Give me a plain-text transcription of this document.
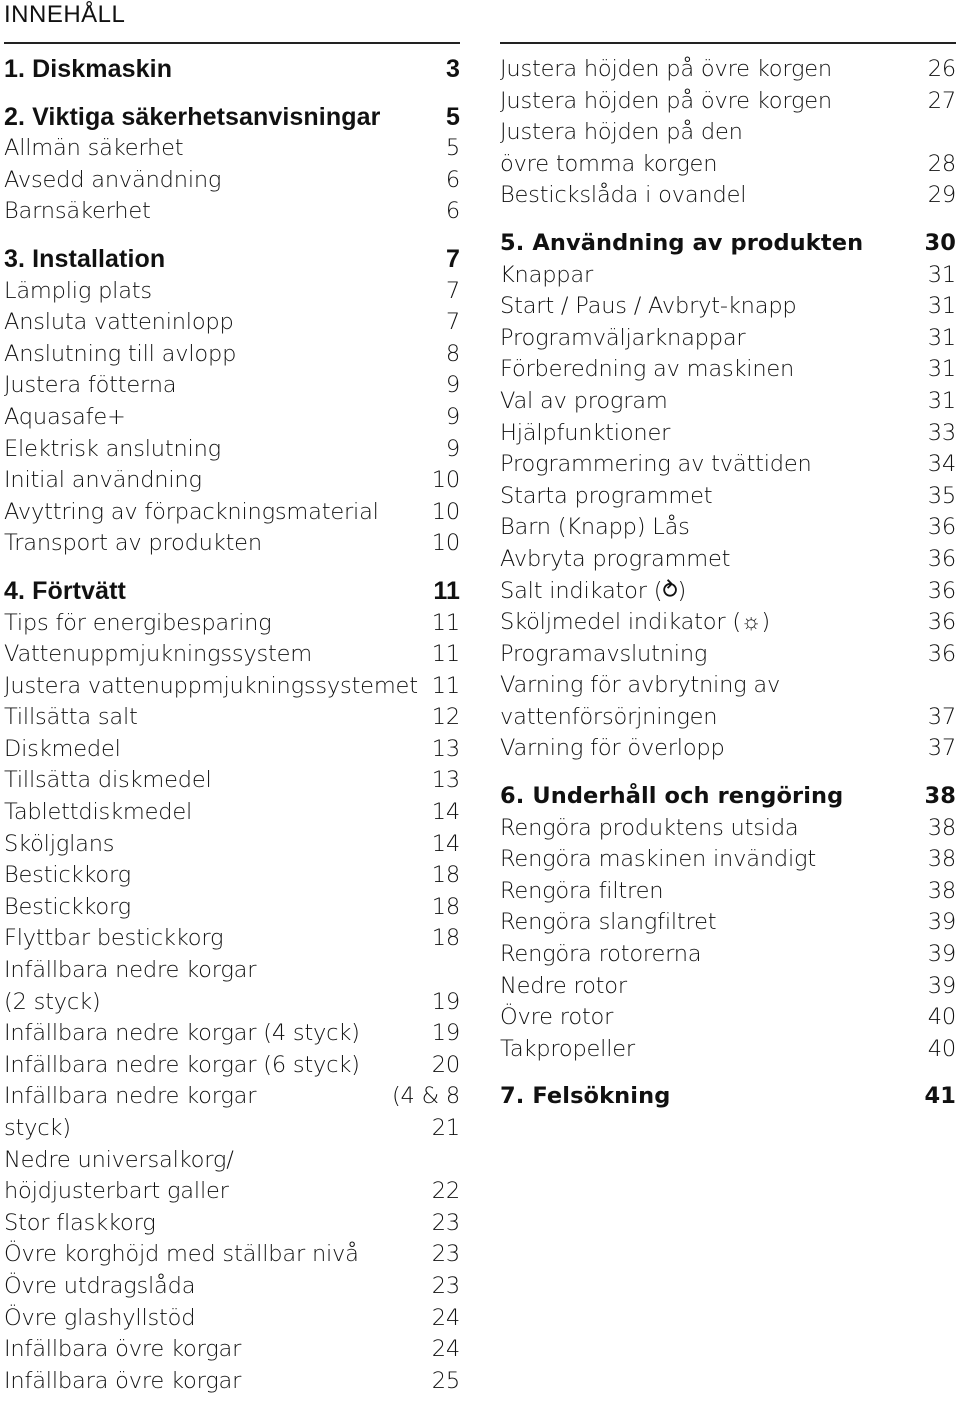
INNEHÅLL
1. Diskmaskin	3
2. Viktiga säkerhetsanvisningar	5
Allmän säkerhet	5
Avsedd användning	6
Barnsäkerhet	6
3. Installation	7
Lämplig plats	7
Ansluta vatteninlopp	7
Anslutning till avlopp	8
Justera fötterna	9
Aquasafe+	9
Elektrisk anslutning	9
Initial användning	10
Avyttring av förpackningsmaterial 10
Transport av produkten	10
4. Förtvätt	11
Tips för energibesparing	11
Vattenuppmjukningssystem	11
Justera vattenuppmjukningssystemet 11
Tillsätta salt	12
Diskmedel	13
Tillsätta diskmedel	13
Tablettdiskmedel	14
Sköljglans	14
Bestickkorg	18
Bestickkorg	18
Flyttbar bestickkorg	18
Infällbara nedre korgar
(2 styck)	19
Infällbara nedre korgar (4 styck)	19
Infällbara nedre korgar (6 styck)	20
Infällbara nedre korgar	(4 & 8
styck)	21
Nedre universalkorg/
höjdjusterbart galler	22
Stor flaskkorg	23
Övre korghöjd med ställbar nivå	23
Övre utdragslåda	23
Övre glashyllstöd	24
Infällbara övre korgar	24
Infällbara övre korgar	25
Justera höjden på övre korgen	26
Justera höjden på övre korgen	27
Justera höjden på den
övre tomma korgen	28
Bestickslåda i ovandel	29
5. Användning av produkten	30
Knappar	31
Start / Paus / Avbryt-knapp	31
Programväljarknappar	31
Förberedning av maskinen	31
Val av program	31
Hjälpfunktioner	33
Programmering av tvättiden	34
Starta programmet	35
Barn (Knapp) Lås	36
Avbryta programmet	36
Salt indikator (⥁)	36
Sköljmedel indikator (☼)	36
Programavslutning	36
Varning för avbrytning av
vattenförsörjningen	37
Varning för överlopp	37
6. Underhåll och rengöring	38
Rengöra produktens utsida	38
Rengöra maskinen invändigt	38
Rengöra filtren	38
Rengöra slangfiltret	39
Rengöra rotorerna	39
Nedre rotor	39
Övre rotor	40
Takpropeller	40
7. Felsökning	41
